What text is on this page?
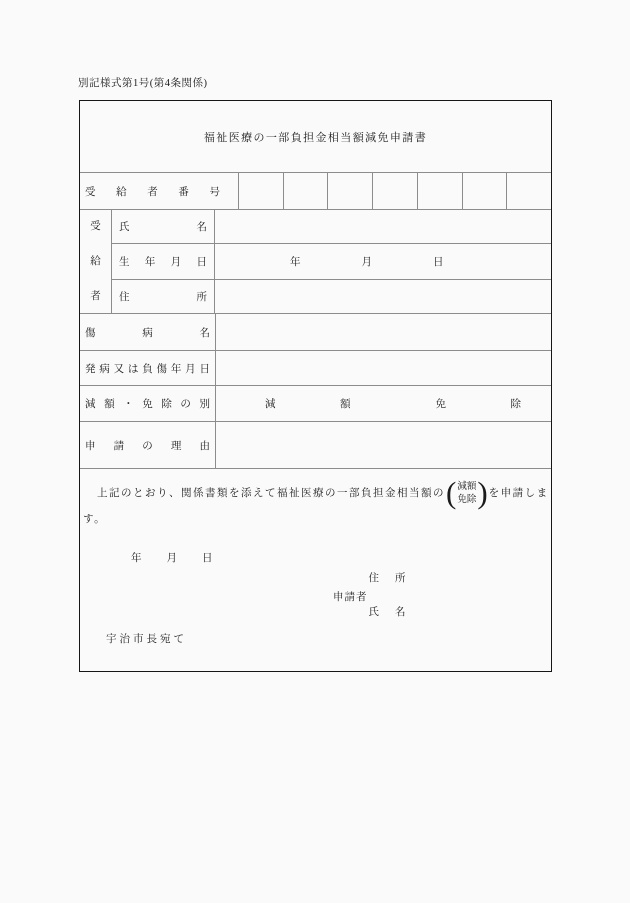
別記様式第1号(第4条関係)
福祉医療の一部負担金相当額減免申請書
受給者番号
受給者
氏名
生年月日	年	月	日
住所
傷病名
発病又は負傷年月日
減額・免除の別	減　額	免　除
申請の理由
上記のとおり、関係書類を添えて福祉医療の一部負担金相当額の ( 減額
免除 ) を申請します。
年月日
申請者
住所
氏名
宇治市長宛て
